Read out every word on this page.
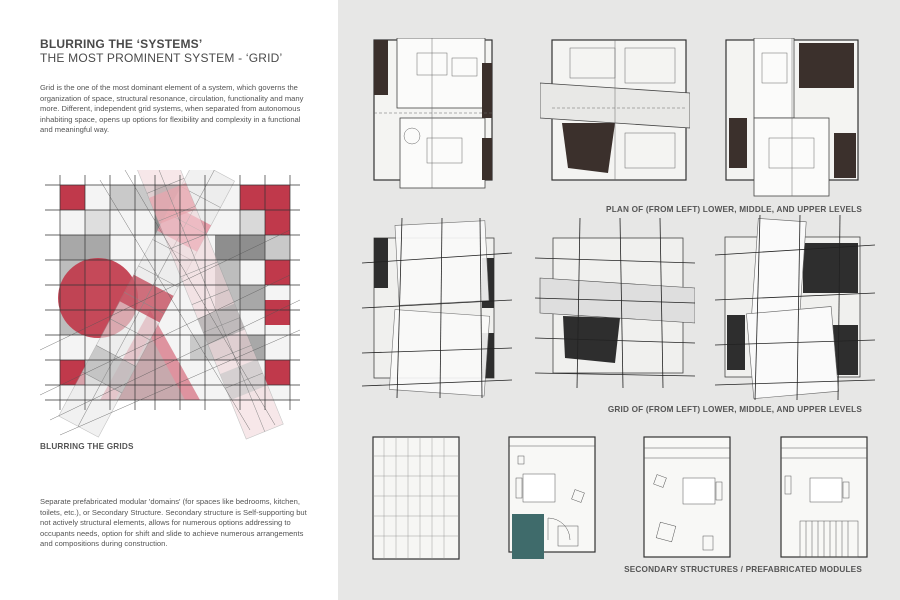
BLURRING THE ‘SYSTEMS’
THE MOST PROMINENT SYSTEM - ‘GRID’

Grid is the one of the most dominant element of a system, which governs the organization of space, structural resonance, circulation, functionality and many more. Different, independent grid systems, when separated from autonomous inhabiting space, opens up options for flexibility and complexity in a functional and meaningful way.

BLURRING THE GRIDS

Separate prefabricated modular 'domains' (for spaces like bedrooms, kitchen, toilets, etc.), or Secondary Structure. Secondary structure is Self-supporting but not actively structural elements, allows for numerous options addressing to occupants needs, option for shift and slide to achieve numerous arrangements and compositions during construction.

PLAN OF (FROM LEFT) LOWER, MIDDLE, AND UPPER LEVELS
GRID OF (FROM LEFT) LOWER, MIDDLE, AND UPPER LEVELS
SECONDARY STRUCTURES / PREFABRICATED MODULES
